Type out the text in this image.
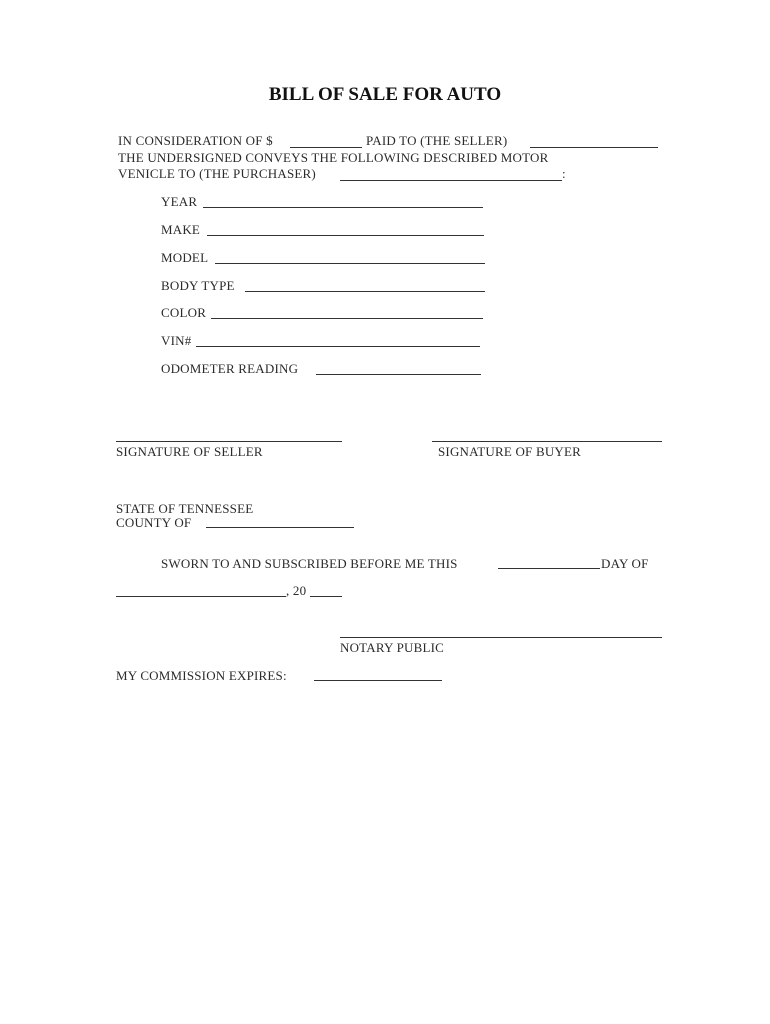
BILL OF SALE FOR AUTO
IN CONSIDERATION OF $	PAID TO (THE SELLER)
THE UNDERSIGNED CONVEYS THE FOLLOWING DESCRIBED MOTOR
VENICLE TO (THE PURCHASER)	:
YEAR
MAKE
MODEL
BODY TYPE
COLOR
VIN#
ODOMETER READING
SIGNATURE OF SELLER	SIGNATURE OF BUYER
STATE OF TENNESSEE
COUNTY OF
SWORN TO AND SUBSCRIBED BEFORE ME THIS	DAY OF
, 20
NOTARY PUBLIC
MY COMMISSION EXPIRES:
